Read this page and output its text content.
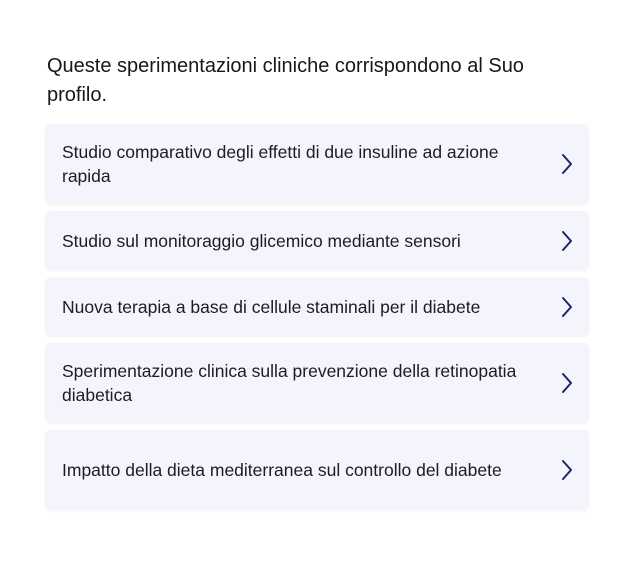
Queste sperimentazioni cliniche corrispondono al Suo profilo.
Studio comparativo degli effetti di due insuline ad azione rapida
Studio sul monitoraggio glicemico mediante sensori
Nuova terapia a base di cellule staminali per il diabete
Sperimentazione clinica sulla prevenzione della retinopatia diabetica
Impatto della dieta mediterranea sul controllo del diabete
